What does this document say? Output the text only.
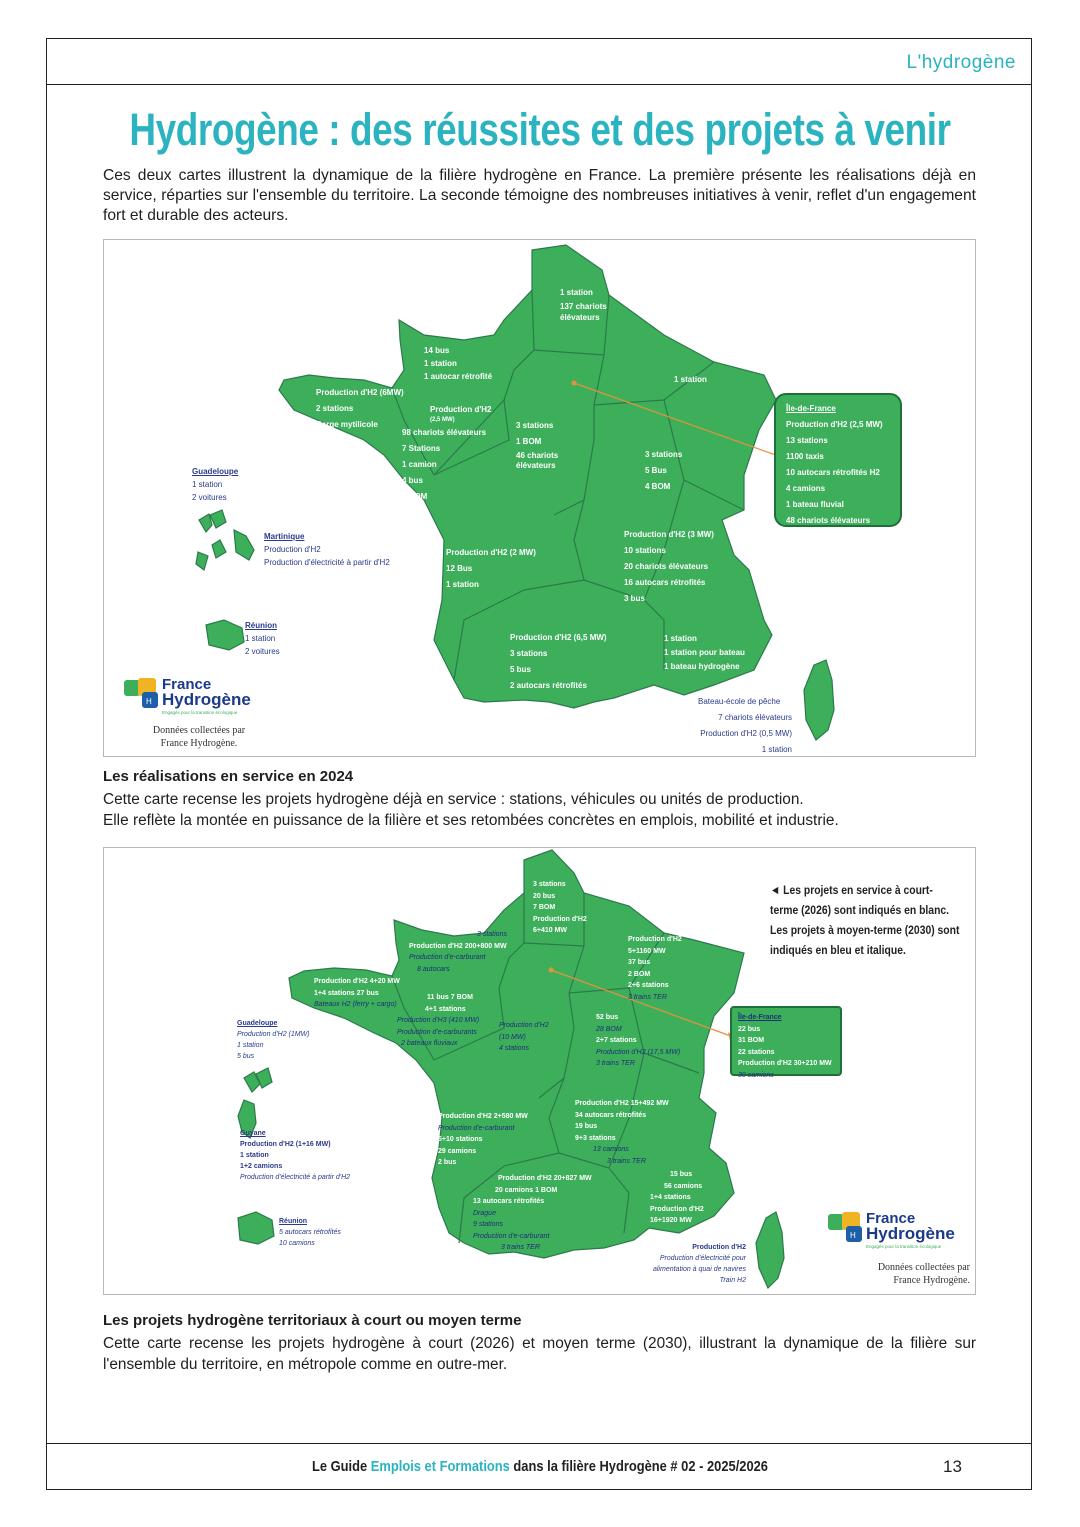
L'hydrogène
Hydrogène : des réussites et des projets à venir
Ces deux cartes illustrent la dynamique de la filière hydrogène en France. La première présente les réalisations déjà en service, réparties sur l'ensemble du territoire. La seconde témoigne des nombreuses initiatives à venir, reflet d'un engagement fort et durable des acteurs.
1 station
137 chariots
élévateurs
14 bus
1 station
1 autocar rétrofité	1 station
Production d'H2 (6MW)
2 stations
Barge mytilicole
Production d'H2
(2,5 MW)
98 chariots élévateurs
7 Stations
1 camion
4 bus
3 BOM
3 stations
1 BOM
46 chariots
élévateurs
3 stations
5 Bus
4 BOM
Production d'H2 (2 MW)
12 Bus
1 station
Production d'H2 (3 MW)
10 stations
20 chariots élévateurs
16 autocars rétrofités
3 bus
Production d'H2 (6,5 MW)
3 stations
5 bus
2 autocars rétrofités
1 station
1 station pour bateau
1 bateau hydrogène
Bateau-école de pêche
7 chariots élévateurs
Production d'H2 (0,5 MW)
1 station
Île-de-France
Production d'H2 (2,5 MW)
13 stations
1100 taxis
10 autocars rétrofités H2
4 camions
1 bateau fluvial
48 chariots élévateurs
Guadeloupe
1 station
2 voitures
Martinique
Production d'H2
Production d'électricité à partir d'H2
Réunion
1 station
2 voitures
H
France
Hydrogène
Engagés pour la transition écologique
Données collectées par
France Hydrogène.
Les réalisations en service en 2024
Cette carte recense les projets hydrogène déjà en service : stations, véhicules ou unités de production.
Elle reflète la montée en puissance de la filière et ses retombées concrètes en emplois, mobilité et industrie.
◄ Les projets en service à court-
terme (2026) sont indiqués en blanc.
Les projets à moyen-terme (2030) sont
indiqués en bleu et italique.
3 stations
20 bus
7 BOM
Production d'H2
6+410 MW
3 stations
Production d'H2 200+800 MW
Production d'e-carburant
8 autocars
Production d'H2
5+1160 MW
37 bus
2 BOM
2+6 stations
3 trains TER
Production d'H2 4+20 MW
1+4 stations 27 bus
Bateaux H2 (ferry + cargo)
11 bus 7 BOM
4+1 stations
Production d'H3 (410 MW)
Production d'e-carburants
2 bateaux fluviaux
Production d'H2
(10 MW)
4 stations
52 bus
28 BOM
2+7 stations
Production d'H2 (17,5 MW)
3 trains TER
Production d'H2 2+580 MW
Production d'e-carburant
5+10 stations
29 camions
2 bus
Production d'H2 15+492 MW
34 autocars rétrofités
19 bus
9+3 stations
13 camions
3 trains TER
Production d'H2 20+827 MW
20 camions 1 BOM
13 autocars rétrofités
Drague
9 stations
Production d'e-carburant
3 trains TER
15 bus
56 camions
1+4 stations
Production d'H2
16+1920 MW
Production d'H2
Production d'électricité pour
alimentation à quai de navires
Train H2
Île-de-France
22 bus
31 BOM
22 stations
Production d'H2 30+210 MW
30 camions
Guadeloupe
Production d'H2 (1MW)
1 station
5 bus
Guyane
Production d'H2 (1+16 MW)
1 station
1+2 camions
Production d'électricité à partir d'H2
Réunion
5 autocars rétrofités
10 camions
H
France
Hydrogène
Engagés pour la transition écologique
Données collectées par
France Hydrogène.
Les projets hydrogène territoriaux à court ou moyen terme
Cette carte recense les projets hydrogène à court (2026) et moyen terme (2030), illustrant la dynamique de la filière sur l'ensemble du territoire, en métropole comme en outre-mer.
Le Guide Emplois et Formations dans la filière Hydrogène # 02 - 2025/2026	13
